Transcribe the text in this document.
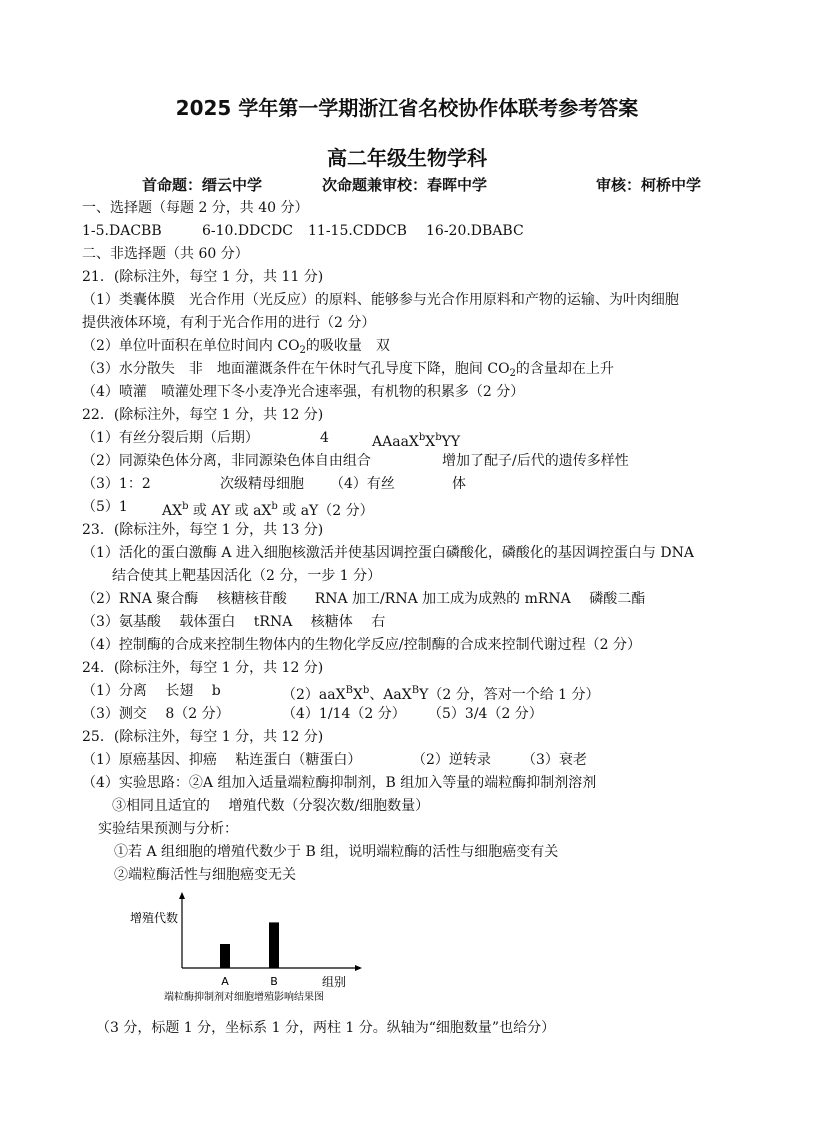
2025 学年第一学期浙江省名校协作体联考参考答案
高二年级生物学科
首命题：缙云中学	次命题兼审校：春晖中学	审核：柯桥中学
一、选择题（每题 2 分，共 40 分）
1-5.DACBB	6-10.DDCDC 11-15.CDDCB 16-20.DBABC
二、非选择题（共 60 分）
21．(除标注外，每空 1 分，共 11 分)
（1）类囊体膜　光合作用（光反应）的原料、能够参与光合作用原料和产物的运输、为叶肉细胞
提供液体环境，有利于光合作用的进行（2 分）
（2）单位叶面积在单位时间内 $CO_2$的吸收量　双
（3）水分散失　非　地面灌溉条件在午休时气孔导度下降，胞间 $CO_2$的含量却在上升
（4）喷灌　喷灌处理下冬小麦净光合速率强，有机物的积累多（2 分）
22．(除标注外，每空 1 分，共 12 分)
（1）有丝分裂后期（后期）	4	$AAaaX^bX^bYY$
（2）同源染色体分离，非同源染色体自由组合	增加了配子/后代的遗传多样性
（3）1：2	次级精母细胞 （4）有丝	体
（5）1 $AX^b$ 或 AY 或 $aX^b$ 或 aY（2 分）
23．(除标注外，每空 1 分，共 13 分)
（1）活化的蛋白激酶 A 进入细胞核激活并使基因调控蛋白磷酸化，磷酸化的基因调控蛋白与 DNA
结合使其上靶基因活化（2 分，一步 1 分）
（2）RNA 聚合酶　 核糖核苷酸　　RNA 加工/RNA 加工成为成熟的 mRNA　 磷酸二酯
（3）氨基酸　 载体蛋白　 tRNA　 核糖体　 右
（4）控制酶的合成来控制生物体内的生物化学反应/控制酶的合成来控制代谢过程（2 分）
24．(除标注外，每空 1 分，共 12 分)
（1）分离　 长翅　 b	$(2)aaX^BX^b$、AaX$^B$Y（2 分，答对一个给 1 分）
（3）测交　 8（2 分）	（4）1/14（2 分） （5）3/4（2 分）
25．(除标注外，每空 1 分，共 12 分)
（1）原癌基因、抑癌　 粘连蛋白（糖蛋白）	（2）逆转录 （3）衰老
（4）实验思路：②A 组加入适量端粒酶抑制剂，B 组加入等量的端粒酶抑制剂溶剂
③相同且适宜的　 增殖代数（分裂次数/细胞数量）
实验结果预测与分析：
①若 A 组细胞的增殖代数少于 B 组，说明端粒酶的活性与细胞癌变有关
②端粒酶活性与细胞癌变无关
增殖代数
组别
A	B
端粒酶抑制剂对细胞增殖影响结果图
（3 分，标题 1 分，坐标系 1 分，两柱 1 分。纵轴为“细胞数量”也给分）
